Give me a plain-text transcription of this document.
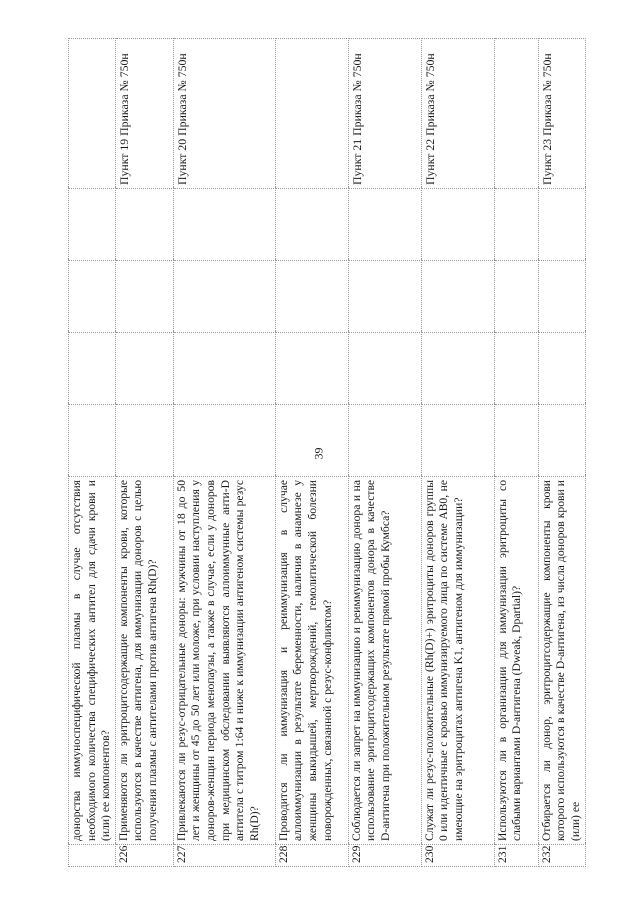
39
	донорства иммуноспецифической плазмы в случае отсутствия необходимого количества специфических антител для сдачи крови и (или) ее компонентов?					
226	Применяются ли эритроцитсодержащие компоненты крови, которые используются в качестве антигена, для иммунизации доноров с целью получения плазмы с антителами против антигена Rh(D)?					Пункт 19 Приказа № 750н
227	Привлекаются ли резус-отрицательные доноры: мужчины от 18 до 50 лет и женщины от 45 до 50 лет или моложе, при условии наступления у доноров-женщин периода менопаузы, а также в случае, если у доноров при медицинском обследовании выявляются аллоиммунные анти-D антитела с титром 1:64 и ниже к иммунизации антигеном системы резус Rh(D)?					Пункт 20 Приказа № 750н
228	Проводится ли иммунизация и реиммунизация в случае аллоиммунизации в результате беременности, наличия в анамнезе у женщины выкидышей, мертворождений, гемолитической болезни новорожденных, связанной с резус-конфликтом?					
229	Соблюдается ли запрет на иммунизацию и реиммунизацию донора и на использование эритроцитсодержащих компонентов донора в качестве D-антигена при положительном результате прямой пробы Кумбса?					Пункт 21 Приказа № 750н
230	Служат ли резус-положительные (Rh(D)+) эритроциты доноров группы 0 или идентичные с кровью иммунизируемого лица по системе AB0, не имеющие на эритроцитах антигена K1, антигеном для иммунизации?					Пункт 22 Приказа № 750н
231	Используются ли в организации для иммунизации эритроциты со слабыми вариантами D-антигена (Dweak, Dpartial)?					
232	Отбирается ли донор, эритроцитсодержащие компоненты крови которого используются в качестве D-антигена, из числа доноров крови и (или) ее					Пункт 23 Приказа № 750н
